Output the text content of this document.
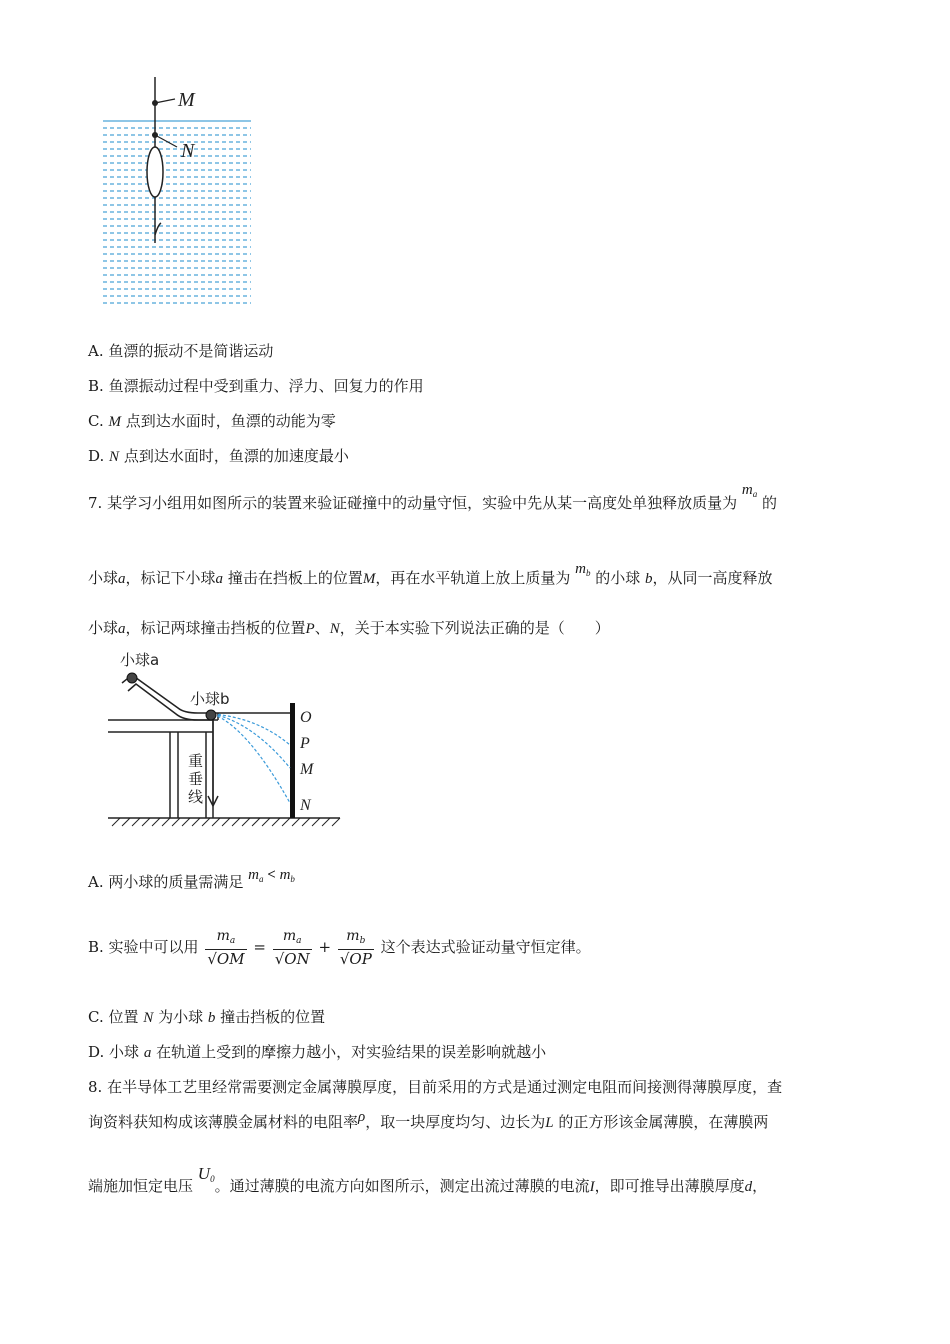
M
N
A. 鱼漂的振动不是简谐运动
B. 鱼漂振动过程中受到重力、浮力、回复力的作用
C. M 点到达水面时，鱼漂的动能为零
D. N 点到达水面时，鱼漂的加速度最小
7. 某学习小组用如图所示的装置来验证碰撞中的动量守恒，实验中先从某一高度处单独释放质量为 $m_a$ 的
小球a，标记下小球a 撞击在挡板上的位置M，再在水平轨道上放上质量为 $m_b$ 的小球 b，从同一高度释放
小球a，标记两球撞击挡板的位置P、N，关于本实验下列说法正确的是（　　）
小球a
小球b
重
垂
线
O
P
M
N
A. 两小球的质量需满足 $m_a < m_b$
B. 实验中可以用 $\frac{m_a}{√OM} = \frac{m_a}{√ON} + \frac{m_b}{√OP}$ 这个表达式验证动量守恒定律。
C. 位置 N 为小球 b 撞击挡板的位置
D. 小球 a 在轨道上受到的摩擦力越小，对实验结果的误差影响就越小
8. 在半导体工艺里经常需要测定金属薄膜厚度，目前采用的方式是通过测定电阻而间接测得薄膜厚度，查
询资料获知构成该薄膜金属材料的电阻率ρ，取一块厚度均匀、边长为L 的正方形该金属薄膜，在薄膜两
端施加恒定电压 $U_0$。通过薄膜的电流方向如图所示，测定出流过薄膜的电流I，即可推导出薄膜厚度d，
